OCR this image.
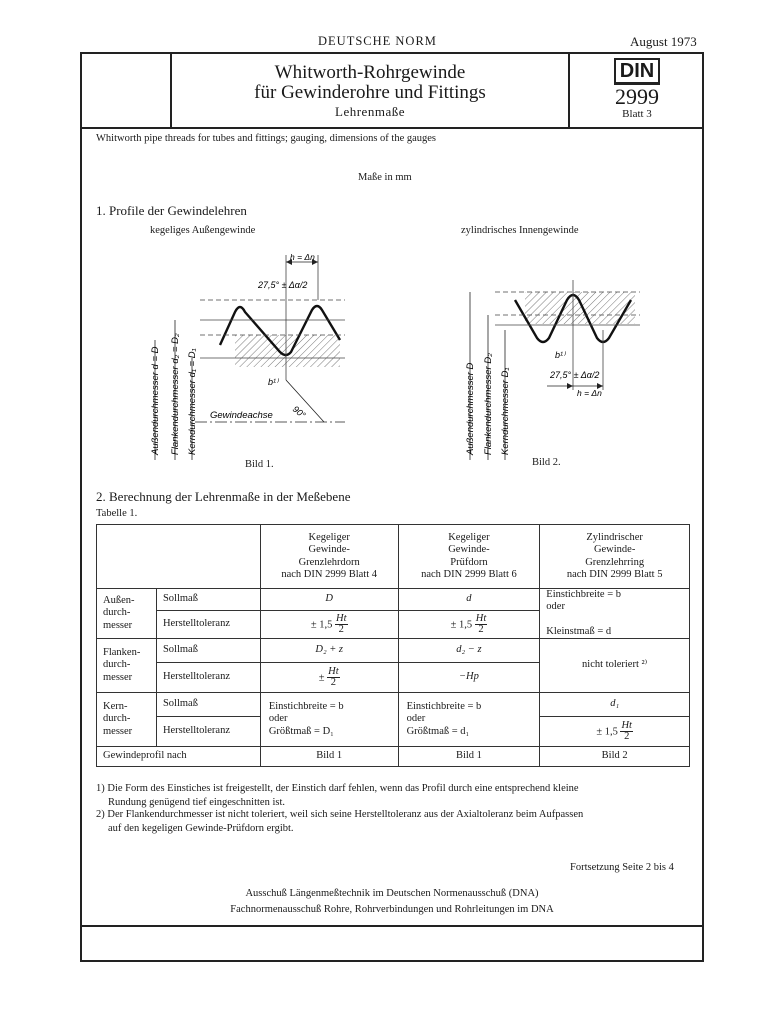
DEUTSCHE NORM	August 1973
Whitworth-Rohrgewinde
für Gewinderohre und Fittings
Lehrenmaße
DIN
2999
Blatt 3
Whitworth pipe threads for tubes and fittings; gauging, dimensions of the gauges
Maße in mm
1. Profile der Gewindelehren
kegeliges Außengewinde	zylindrisches Innengewinde
h = Δn
27,5° ± Δα/2
Gewindeachse 90°
b¹⁾
Außendurchmesser d = D Flankendurchmesser d₂ = D₂ Kerndurchmesser d₁ = D₁
Bild 1.
b¹⁾
27,5° ± Δα/2
h = Δn
Außendurchmesser D Flankendurchmesser D₂ Kerndurchmesser D₁
Bild 2.
2. Berechnung der Lehrenmaße in der Meßebene
Tabelle 1.
		Kegeliger
Gewinde-
Grenzlehrdorn
nach DIN 2999 Blatt 4	Kegeliger
Gewinde-
Prüfdorn
nach DIN 2999 Blatt 6	Zylindrischer
Gewinde-
Grenzlehrring
nach DIN 2999 Blatt 5
Außen-
durch-
messer	Sollmaß	D	d	Einstichbreite = b
oder

Kleinstmaß = d
	Herstelltoleranz	± $1,5 \frac{Ht}{2}$	± $1,5 \frac{Ht}{2}$

Flanken-
durch-
messer	Sollmaß	D₂ + z	d₂ − z	nicht toleriert ²⁾
	Herstelltoleranz	± $\frac{Ht}{2}$	−Hp	
Kern-
durch-
messer	Sollmaß	Einstichbreite = b
oder
Größtmaß = D₁	Einstichbreite = b
oder
Größtmaß = d₁	d₁
	Herstelltoleranz			± $1,5 \frac{Ht}{2}$

Gewindeprofil nach		Bild 1	Bild 1	Bild 2
1) Die Form des Einstiches ist freigestellt, der Einstich darf fehlen, wenn das Profil durch eine entsprechend kleine
Rundung genügend tief eingeschnitten ist.
2) Der Flankendurchmesser ist nicht toleriert, weil sich seine Herstelltoleranz aus der Axialtoleranz beim Aufpassen
auf den kegeligen Gewinde-Prüfdorn ergibt.
Fortsetzung Seite 2 bis 4
Ausschuß Längenmeßtechnik im Deutschen Normenausschuß (DNA)
Fachnormenausschuß Rohre, Rohrverbindungen und Rohrleitungen im DNA
